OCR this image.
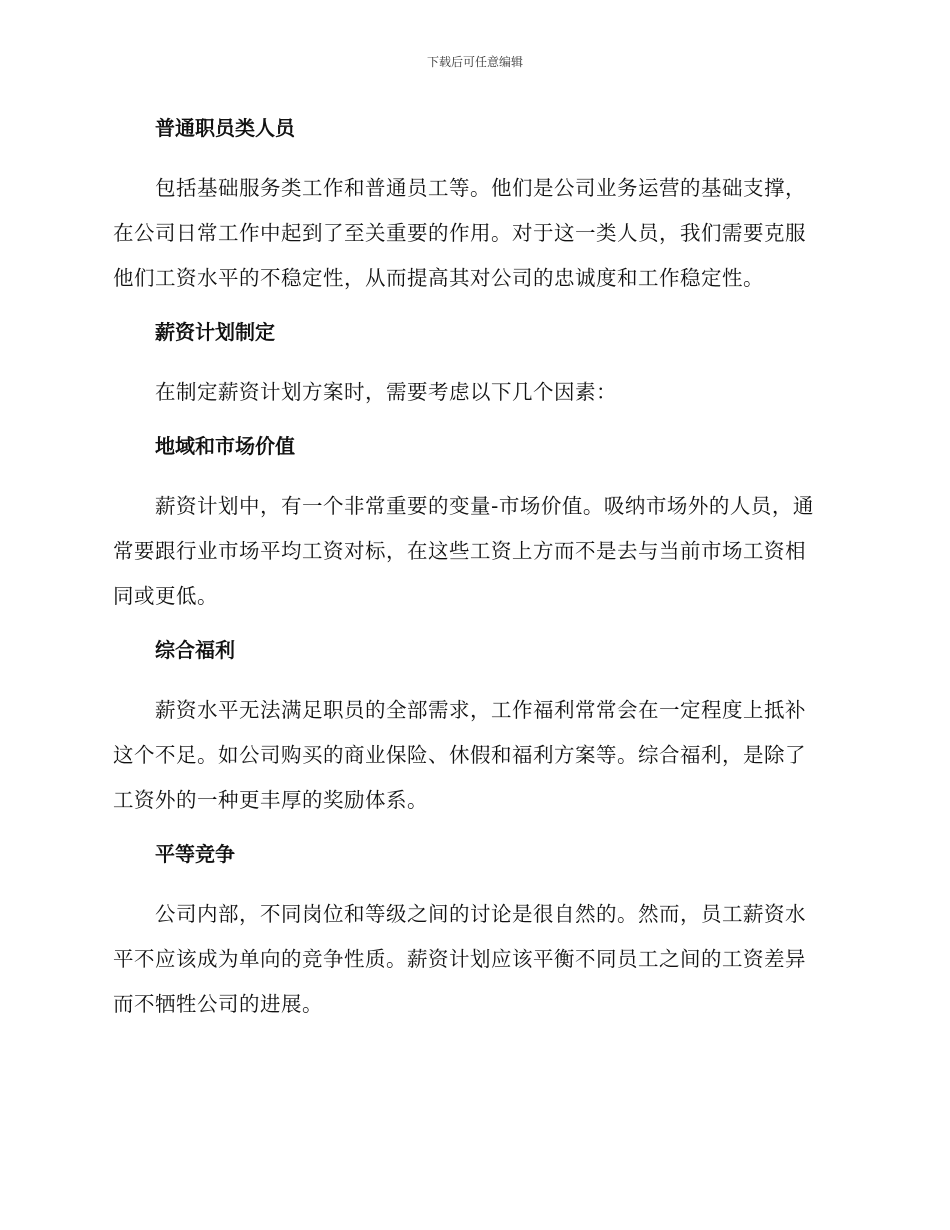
下载后可任意编辑
普通职员类人员
包括基础服务类工作和普通员工等。他们是公司业务运营的基础支撑，
在公司日常工作中起到了至关重要的作用。对于这一类人员，我们需要克服
他们工资水平的不稳定性，从而提高其对公司的忠诚度和工作稳定性。
薪资计划制定
在制定薪资计划方案时，需要考虑以下几个因素：
地域和市场价值
薪资计划中，有一个非常重要的变量-市场价值。吸纳市场外的人员，通
常要跟行业市场平均工资对标，在这些工资上方而不是去与当前市场工资相
同或更低。
综合福利
薪资水平无法满足职员的全部需求，工作福利常常会在一定程度上抵补
这个不足。如公司购买的商业保险、休假和福利方案等。综合福利，是除了
工资外的一种更丰厚的奖励体系。
平等竞争
公司内部，不同岗位和等级之间的讨论是很自然的。然而，员工薪资水
平不应该成为单向的竞争性质。薪资计划应该平衡不同员工之间的工资差异
而不牺牲公司的进展。
